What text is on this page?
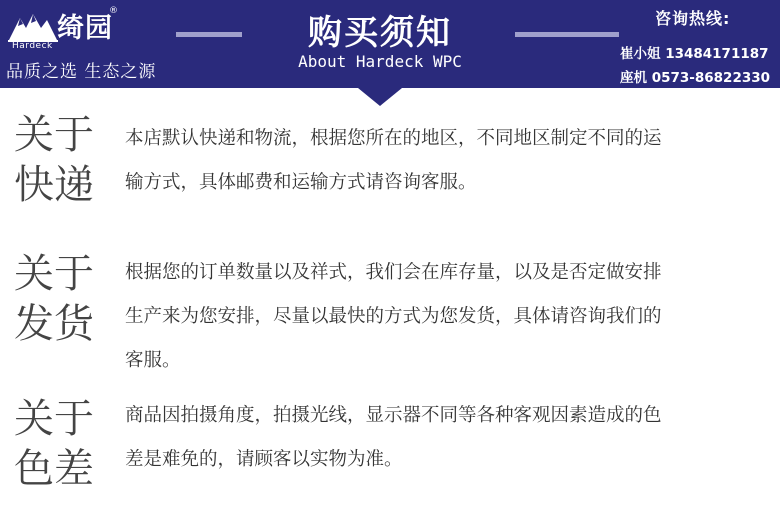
绮园
®
Hardeck
品质之选 生态之源
购买须知
About Hardeck WPC
咨询热线:
崔小姐 13484171187
座机 0573-86822330
关于
快递
本店默认快递和物流，根据您所在的地区，不同地区制定不同的运
输方式，具体邮费和运输方式请咨询客服。
关于
发货
根据您的订单数量以及祥式，我们会在库存量，以及是否定做安排
生产来为您安排，尽量以最快的方式为您发货，具体请咨询我们的
客服。
关于
色差
商品因拍摄角度，拍摄光线，显示器不同等各种客观因素造成的色
差是难免的，请顾客以实物为准。
